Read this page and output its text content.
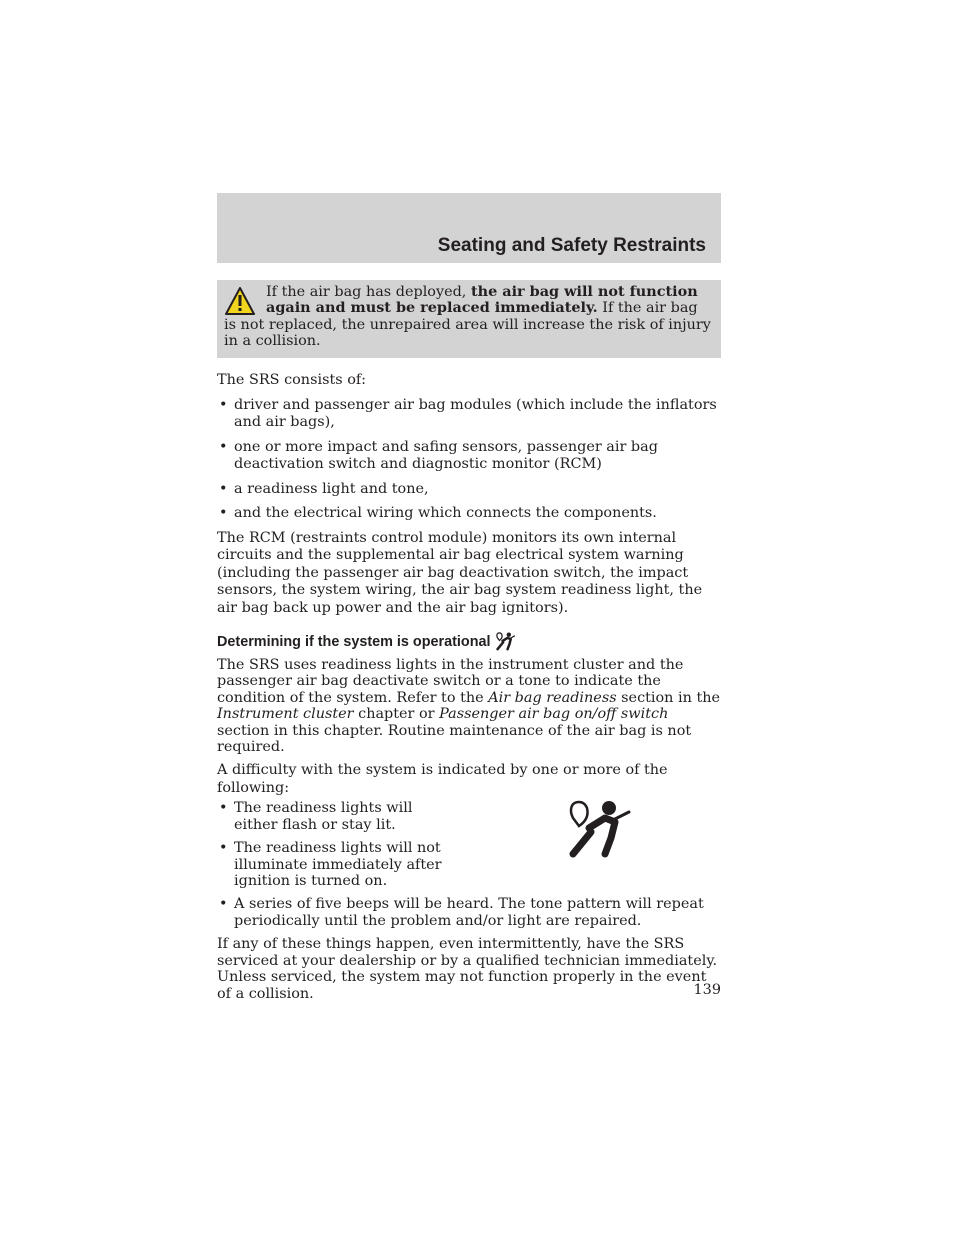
Seating and Safety Restraints
If the air bag has deployed, the air bag will not function again and must be replaced immediately. If the air bag is not replaced, the unrepaired area will increase the risk of injury in a collision.

The SRS consists of:

• driver and passenger air bag modules (which include the inflators and air bags),
• one or more impact and safing sensors, passenger air bag deactivation switch and diagnostic monitor (RCM)
• a readiness light and tone,
• and the electrical wiring which connects the components.

The RCM (restraints control module) monitors its own internal circuits and the supplemental air bag electrical system warning (including the passenger air bag deactivation switch, the impact sensors, the system wiring, the air bag system readiness light, the air bag back up power and the air bag ignitors).

Determining if the system is operational

The SRS uses readiness lights in the instrument cluster and the passenger air bag deactivate switch or a tone to indicate the condition of the system. Refer to the Air bag readiness section in the Instrument cluster chapter or Passenger air bag on/off switch section in this chapter. Routine maintenance of the air bag is not required.

A difficulty with the system is indicated by one or more of the following:

• The readiness lights will either flash or stay lit.
• The readiness lights will not illuminate immediately after ignition is turned on.
• A series of five beeps will be heard. The tone pattern will repeat periodically until the problem and/or light are repaired.

If any of these things happen, even intermittently, have the SRS serviced at your dealership or by a qualified technician immediately. Unless serviced, the system may not function properly in the event of a collision.	139
